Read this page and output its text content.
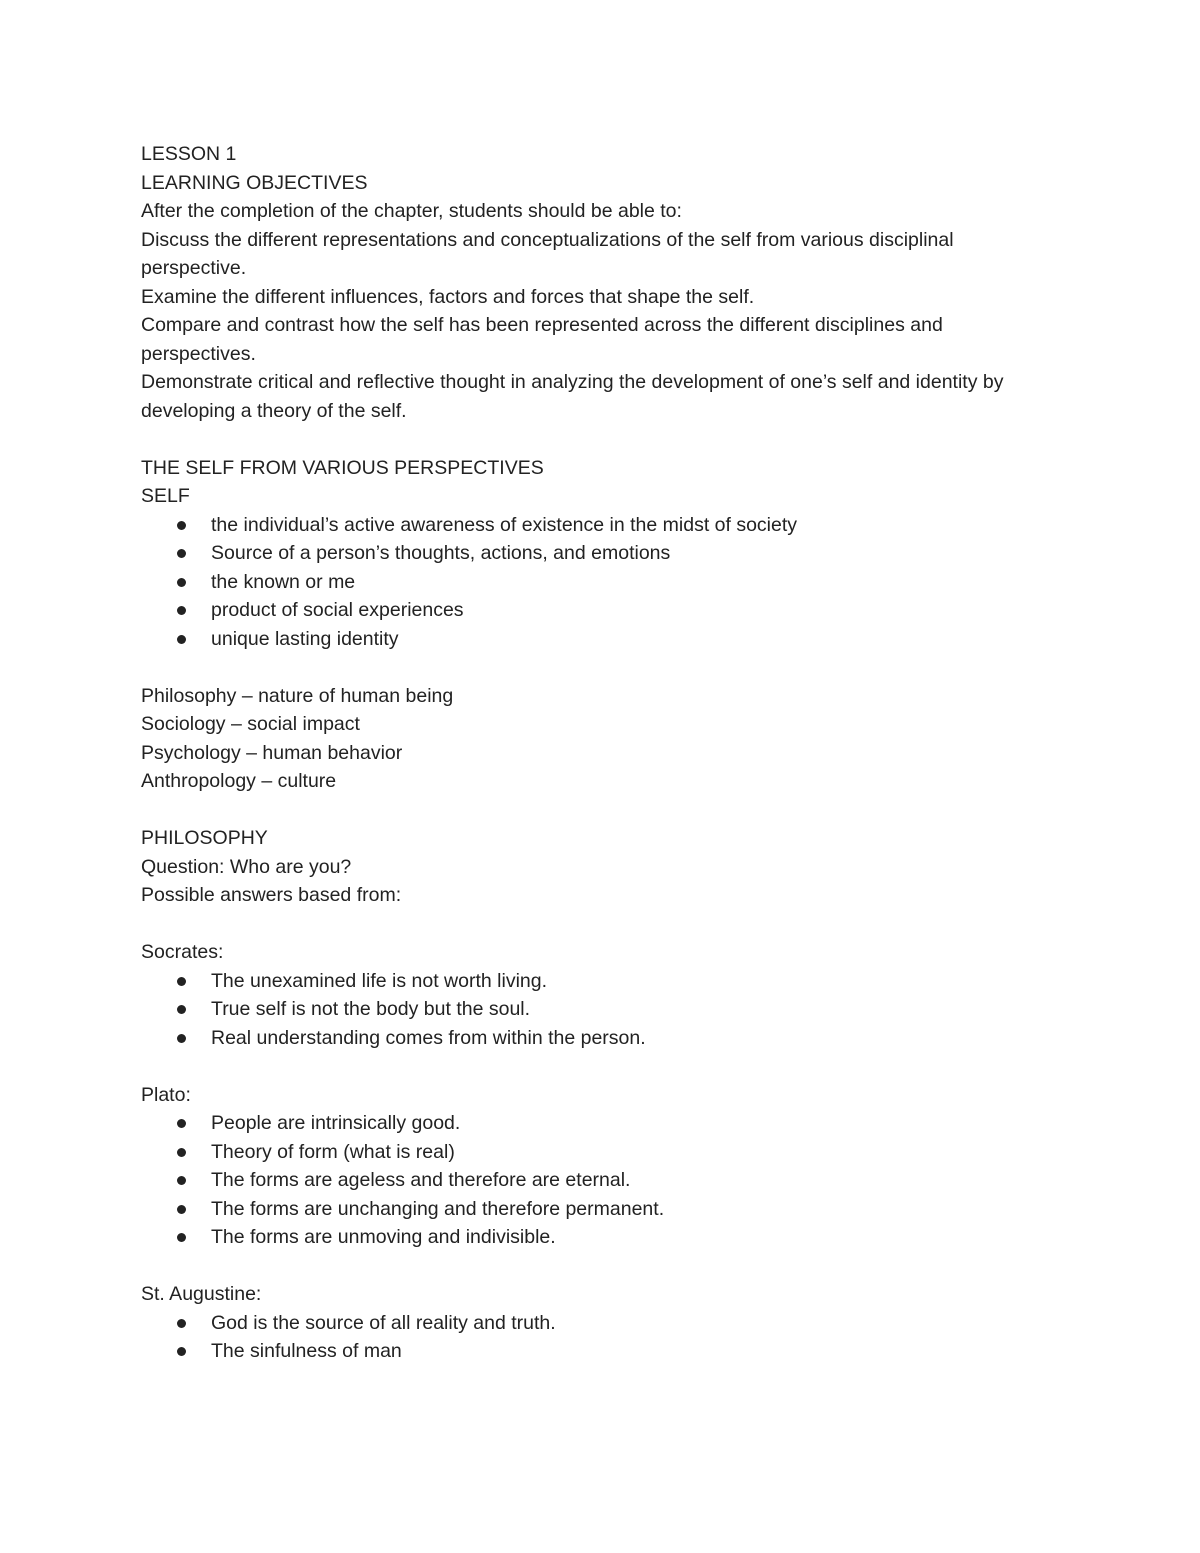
LESSON 1

LEARNING OBJECTIVES

After the completion of the chapter, students should be able to:

Discuss the different representations and conceptualizations of the self from various disciplinal perspective.

Examine the different influences, factors and forces that shape the self.

Compare and contrast how the self has been represented across the different disciplines and perspectives.

Demonstrate critical and reflective thought in analyzing the development of one’s self and identity by developing a theory of the self.

THE SELF FROM VARIOUS PERSPECTIVES

SELF

the individual’s active awareness of existence in the midst of society
Source of a person’s thoughts, actions, and emotions
the known or me
product of social experiences
unique lasting identity

Philosophy – nature of human being

Sociology – social impact

Psychology – human behavior

Anthropology – culture

PHILOSOPHY

Question: Who are you?

Possible answers based from:

Socrates:

The unexamined life is not worth living.
True self is not the body but the soul.
Real understanding comes from within the person.

Plato:

People are intrinsically good.
Theory of form (what is real)
The forms are ageless and therefore are eternal.
The forms are unchanging and therefore permanent.
The forms are unmoving and indivisible.

St. Augustine:

God is the source of all reality and truth.
The sinfulness of man
